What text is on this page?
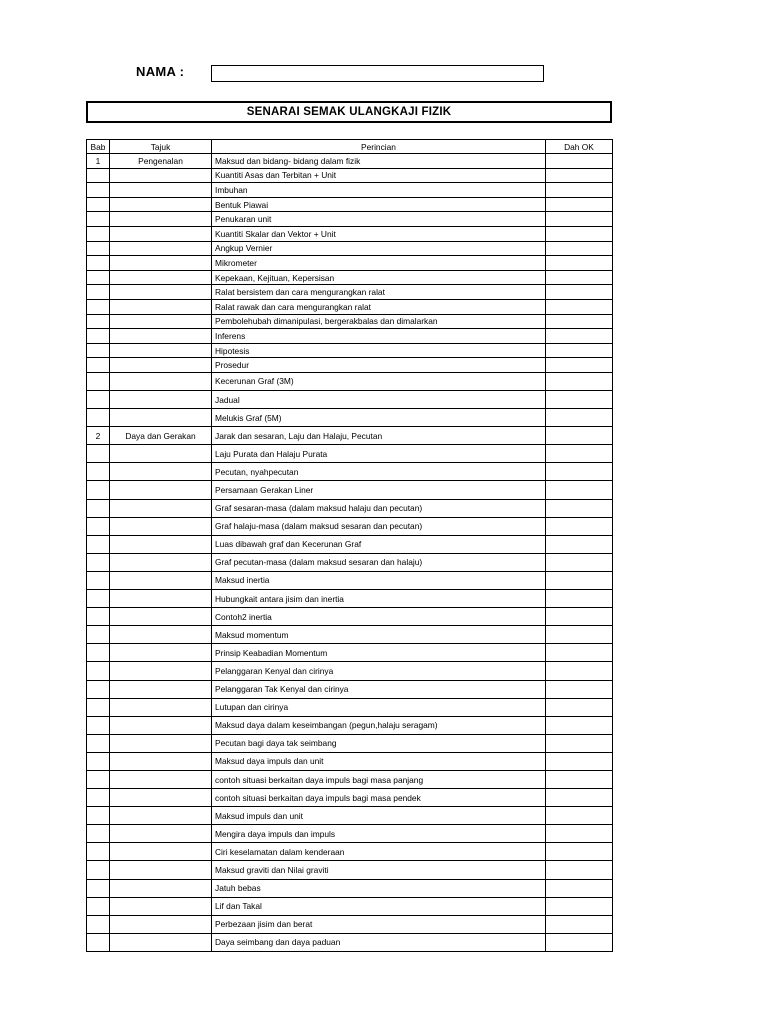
NAMA :
SENARAI SEMAK ULANGKAJI FIZIK
Bab	Tajuk	Perincian	Dah OK
1	Pengenalan	Maksud dan bidang- bidang dalam fizik	
		Kuantiti Asas dan Terbitan + Unit	
		Imbuhan	
		Bentuk Piawai	
		Penukaran unit	
		Kuantiti Skalar dan Vektor + Unit	
		Angkup Vernier	
		Mikrometer	
		Kepekaan, Kejituan, Kepersisan	
		Ralat bersistem dan cara mengurangkan ralat	
		Ralat rawak dan cara mengurangkan ralat	
		Pembolehubah dimanipulasi, bergerakbalas dan dimalarkan	
		Inferens	
		Hipotesis	
		Prosedur	
		Kecerunan Graf (3M)	
		Jadual	
		Melukis Graf (5M)	
2	Daya dan Gerakan	Jarak dan sesaran, Laju dan Halaju, Pecutan	
		Laju Purata dan Halaju Purata	
		Pecutan, nyahpecutan	
		Persamaan Gerakan Liner	
		Graf sesaran-masa (dalam maksud halaju dan pecutan)	
		Graf halaju-masa (dalam maksud sesaran dan pecutan)	
		Luas dibawah graf dan Kecerunan Graf	
		Graf pecutan-masa (dalam maksud sesaran dan halaju)	
		Maksud inertia	
		Hubungkait antara jisim dan inertia	
		Contoh2 inertia	
		Maksud momentum	
		Prinsip Keabadian Momentum	
		Pelanggaran Kenyal dan cirinya	
		Pelanggaran Tak Kenyal dan cirinya	
		Lutupan dan cirinya	
		Maksud daya dalam keseimbangan (pegun,halaju seragam)	
		Pecutan bagi daya tak seimbang	
		Maksud daya impuls dan unit	
		contoh situasi berkaitan daya impuls bagi masa panjang	
		contoh situasi berkaitan daya impuls bagi masa pendek	
		Maksud impuls dan unit	
		Mengira daya impuls dan impuls	
		Ciri keselamatan dalam kenderaan	
		Maksud graviti dan Nilai graviti	
		Jatuh bebas	
		Lif dan Takal	
		Perbezaan jisim dan berat	
		Daya seimbang dan daya paduan	
